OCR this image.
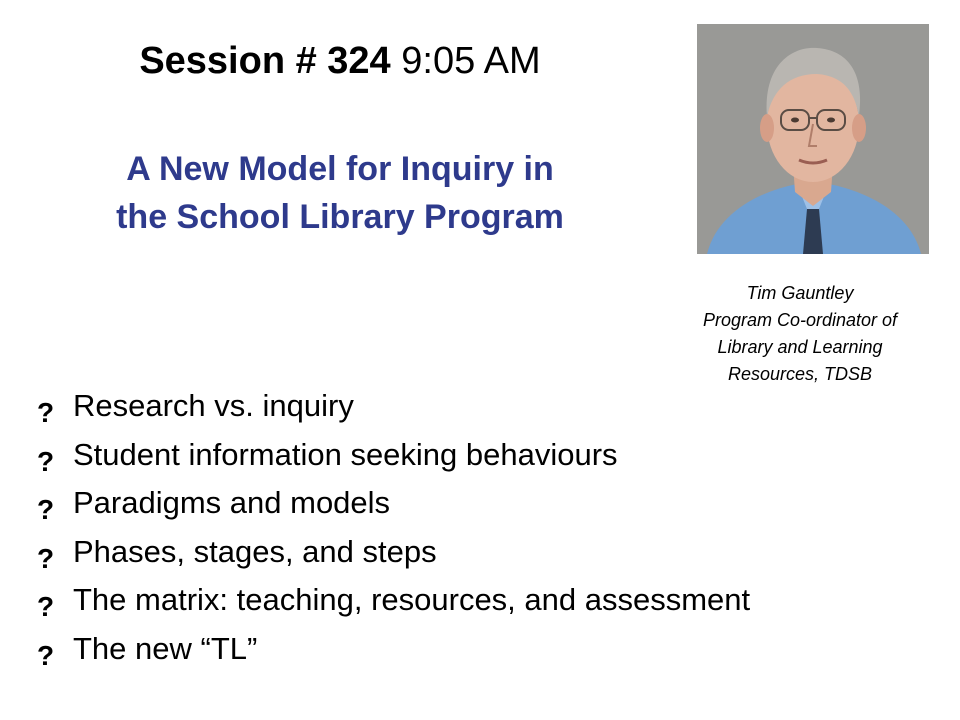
Session # 324 9:05 AM
A New Model for Inquiry in
the School Library Program
Tim Gauntley
Program Co-ordinator of
Library and Learning
Resources, TDSB
? Research vs. inquiry
? Student information seeking behaviours
? Paradigms and models
? Phases, stages, and steps
? The matrix: teaching, resources, and assessment
? The new “TL”
